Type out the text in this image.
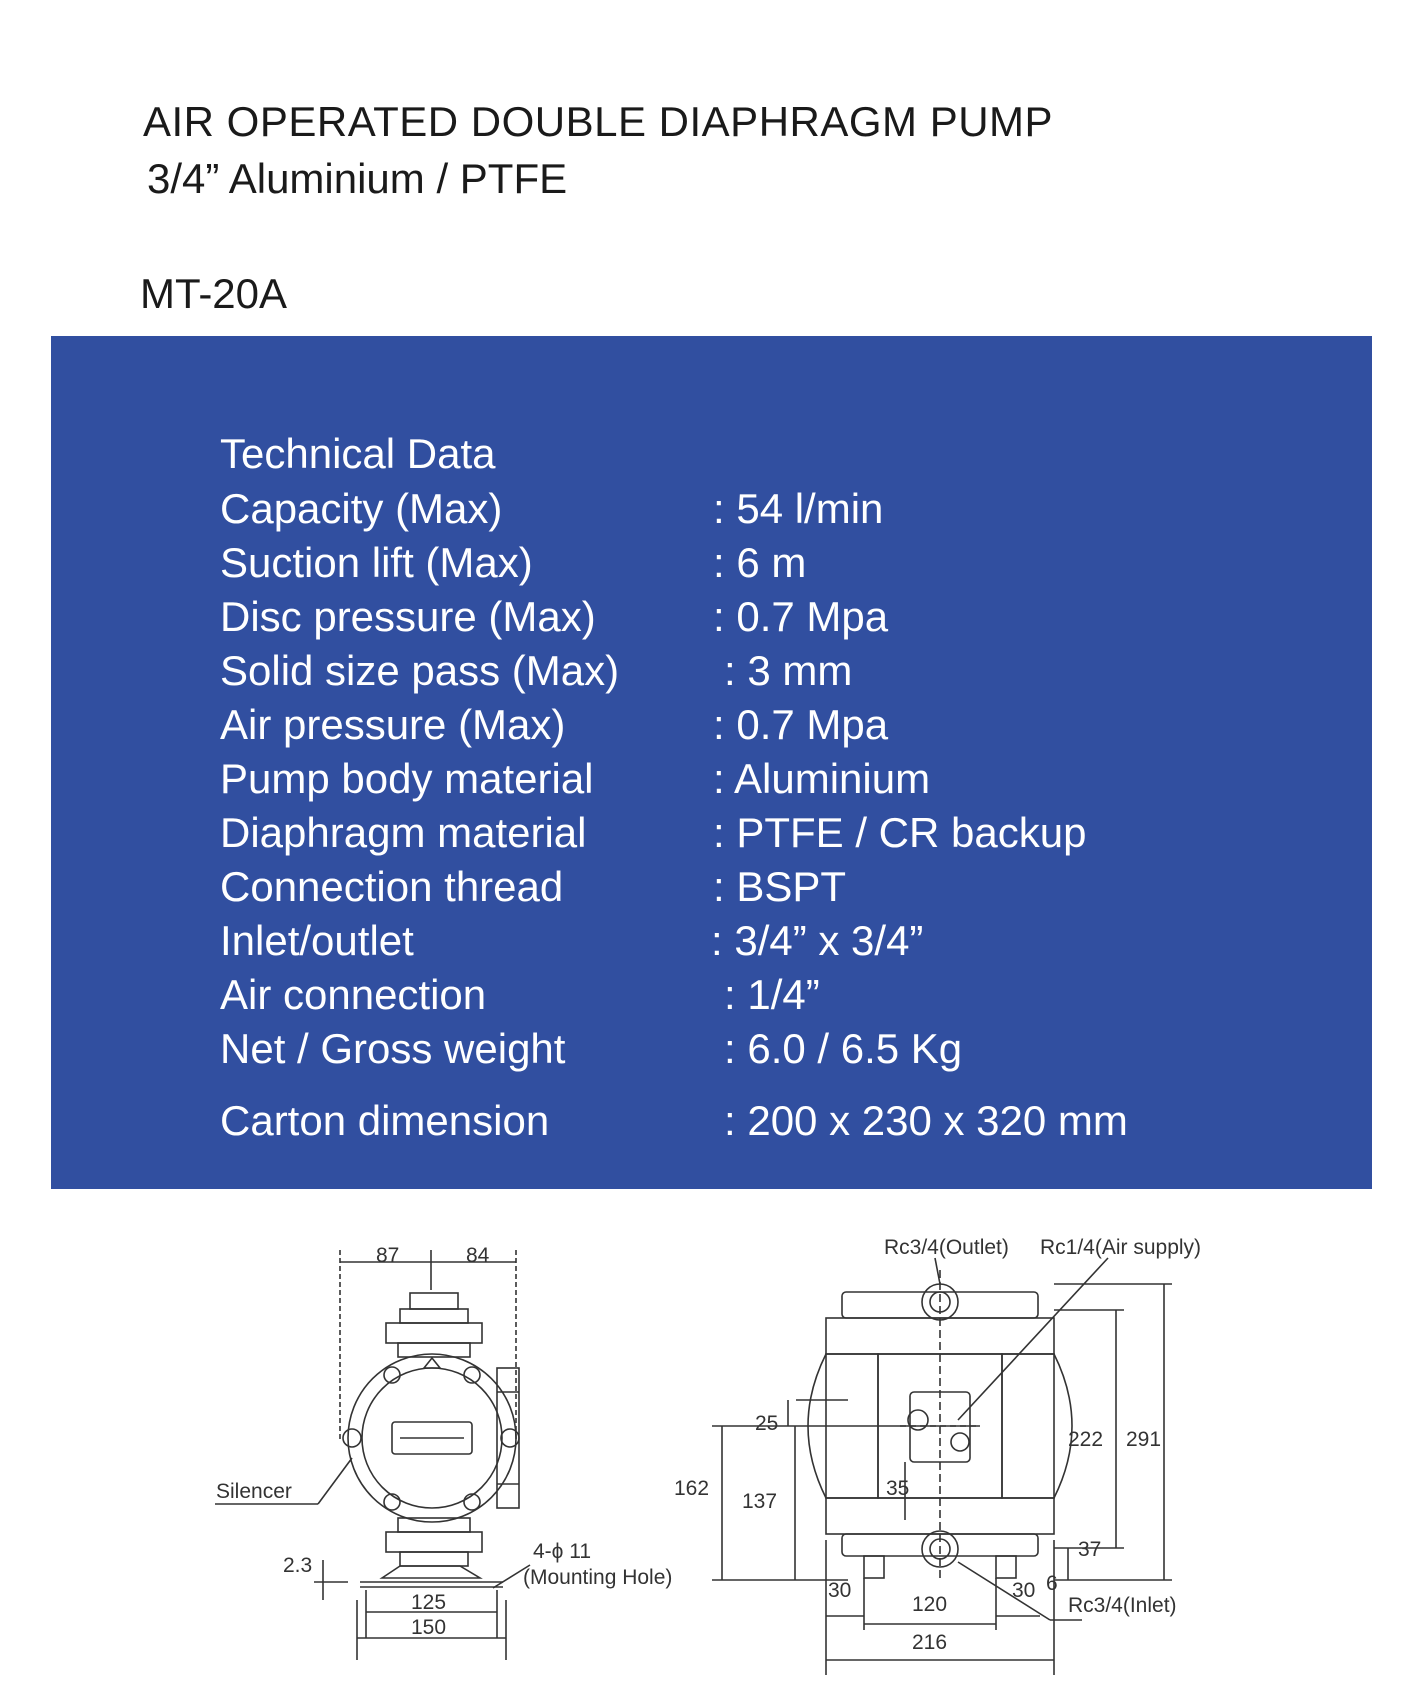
AIR OPERATED DOUBLE DIAPHRAGM PUMP
3/4” Aluminium / PTFE
MT-20A
Technical Data
Capacity (Max)	: 54 l/min
Suction lift (Max)	: 6 m
Disc pressure (Max)	: 0.7 Mpa
Solid size pass (Max) : 3 mm
Air pressure (Max)	: 0.7 Mpa
Pump body material	: Aluminium
Diaphragm material	: PTFE / CR backup
Connection thread	: BSPT
Inlet/outlet	: 3/4” x 3/4”
Air connection	: 1/4”
Net / Gross weight	: 6.0 / 6.5 Kg
Carton dimension	: 200 x 230 x 320 mm
87	84
Silencer
2.3
4-ϕ 11
(Mounting Hole)
125
150
Rc3/4(Outlet) Rc1/4(Air supply)
25
162
137
35
222 291
37
6
30	30
120
216
Rc3/4(Inlet)
